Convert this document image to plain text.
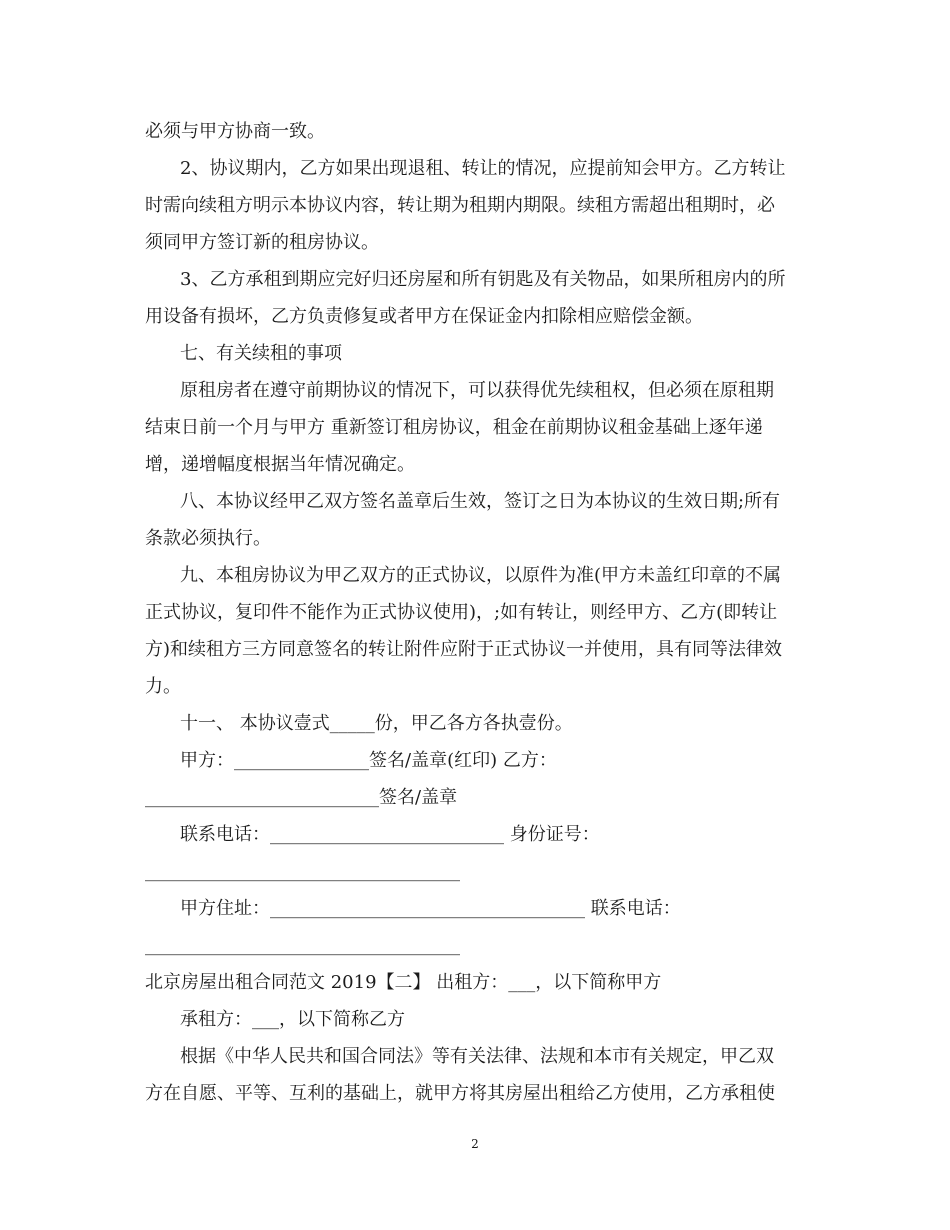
必须与甲方协商一致。
2、协议期内，乙方如果出现退租、转让的情况，应提前知会甲方。乙方转让
时需向续租方明示本协议内容，转让期为租期内期限。续租方需超出租期时，必
须同甲方签订新的租房协议。
3、乙方承租到期应完好归还房屋和所有钥匙及有关物品，如果所租房内的所
用设备有损坏，乙方负责修复或者甲方在保证金内扣除相应赔偿金额。
七、有关续租的事项
原租房者在遵守前期协议的情况下，可以获得优先续租权，但必须在原租期
结束日前一个月与甲方 重新签订租房协议，租金在前期协议租金基础上逐年递
增，递增幅度根据当年情况确定。
八、本协议经甲乙双方签名盖章后生效，签订之日为本协议的生效日期;所有
条款必须执行。
九、本租房协议为甲乙双方的正式协议，以原件为准(甲方未盖红印章的不属
正式协议，复印件不能作为正式协议使用)，;如有转让，则经甲方、乙方(即转让
方)和续租方三方同意签名的转让附件应附于正式协议一并使用，具有同等法律效
力。
十一、 本协议壹式_____份，甲乙各方各执壹份。
甲方：_______________签名/盖章(红印) 乙方：
__________________________签名/盖章
联系电话：__________________________ 身份证号：
___________________________________
甲方住址：___________________________________ 联系电话：
___________________________________
北京房屋出租合同范文 2019【二】 出租方：___，以下简称甲方
承租方：___，以下简称乙方
根据《中华人民共和国合同法》等有关法律、法规和本市有关规定，甲乙双
方在自愿、平等、互利的基础上，就甲方将其房屋出租给乙方使用，乙方承租使
2
